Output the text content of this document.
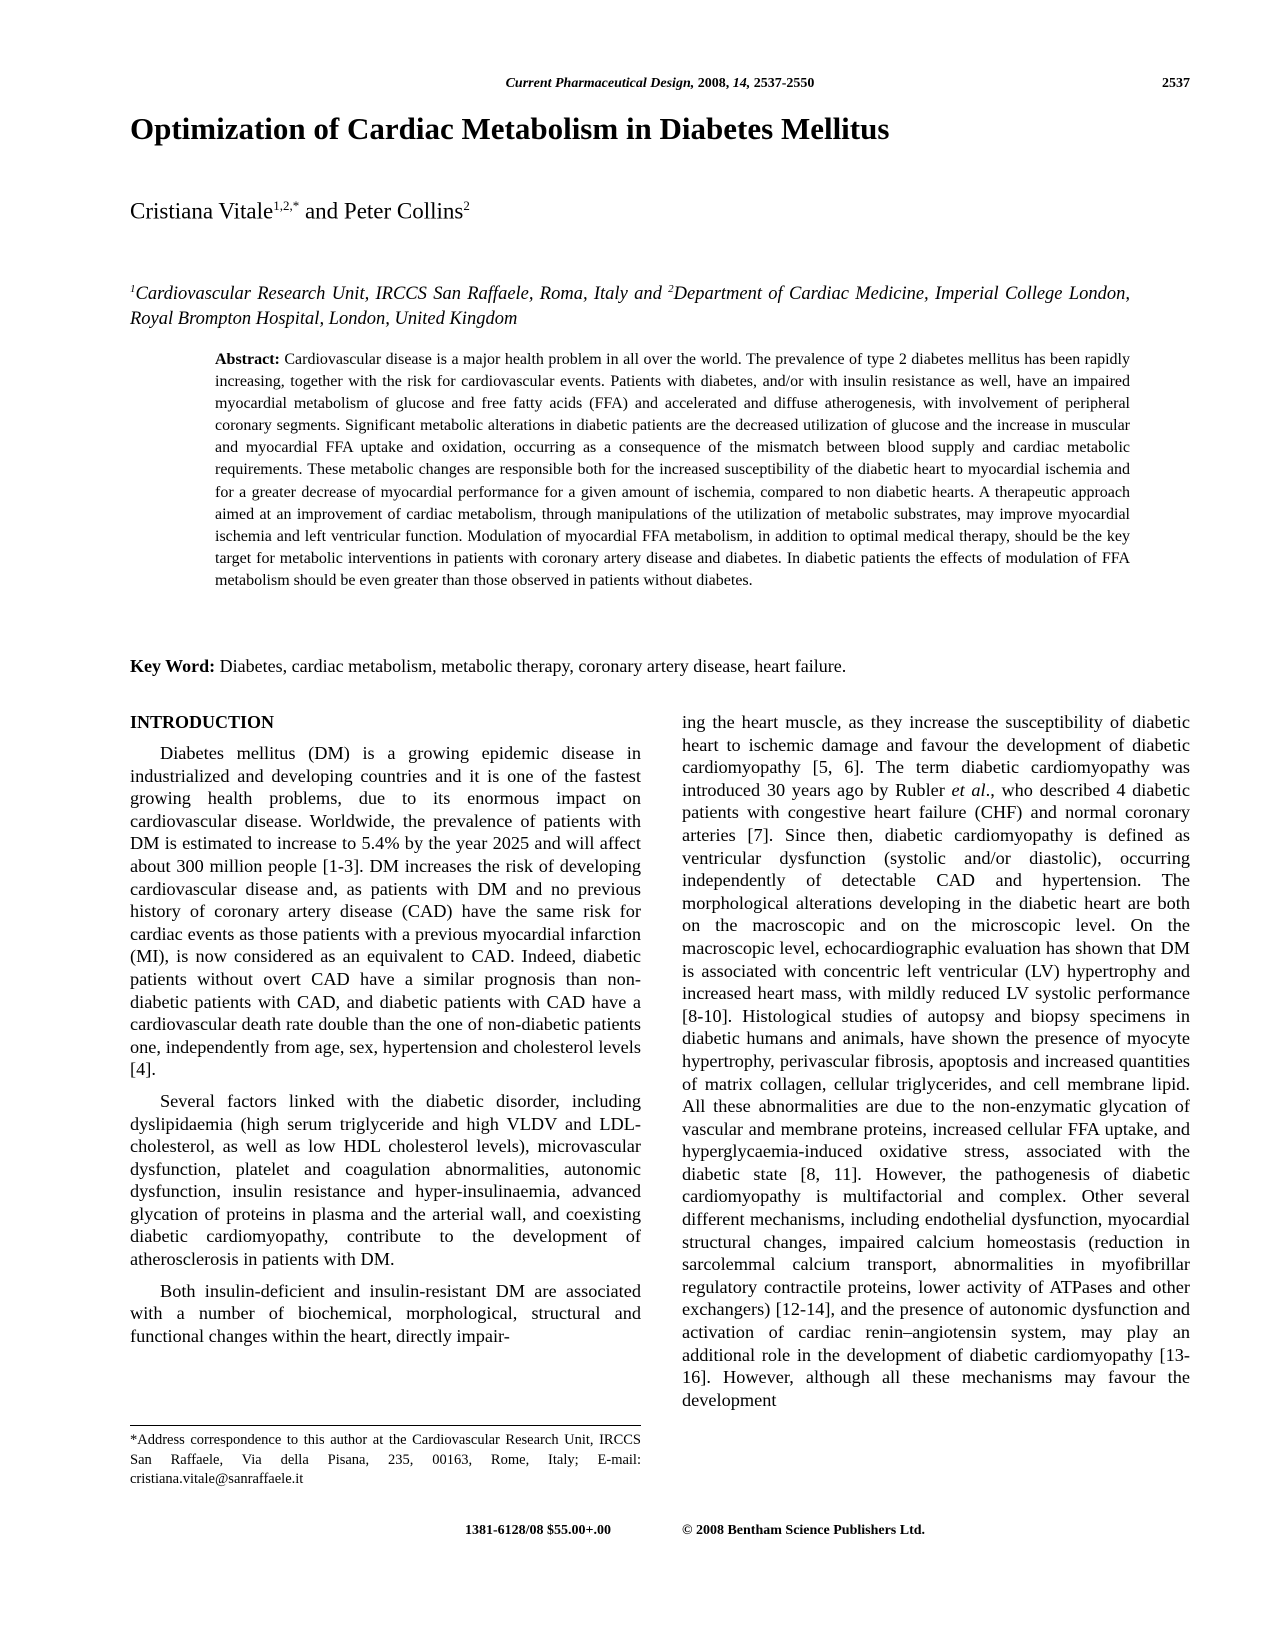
Current Pharmaceutical Design, 2008, 14, 2537-2550	2537
Optimization of Cardiac Metabolism in Diabetes Mellitus
Cristiana Vitale$^{1,2,*}$ and Peter Collins$^2$
$^1$Cardiovascular Research Unit, IRCCS San Raffaele, Roma, Italy and $^2$Department of Cardiac Medicine, Imperial College London, Royal Brompton Hospital, London, United Kingdom
Abstract: Cardiovascular disease is a major health problem in all over the world. The prevalence of type 2 diabetes mellitus has been rapidly increasing, together with the risk for cardiovascular events. Patients with diabetes, and/or with insulin resistance as well, have an impaired myocardial metabolism of glucose and free fatty acids (FFA) and accelerated and diffuse atherogenesis, with involvement of peripheral coronary segments. Significant metabolic alterations in diabetic patients are the decreased utilization of glucose and the increase in muscular and myocardial FFA uptake and oxidation, occurring as a consequence of the mismatch between blood supply and cardiac metabolic requirements. These metabolic changes are responsible both for the increased susceptibility of the diabetic heart to myocardial ischemia and for a greater decrease of myocardial performance for a given amount of ischemia, compared to non diabetic hearts. A therapeutic approach aimed at an improvement of cardiac metabolism, through manipulations of the utilization of metabolic substrates, may improve myocardial ischemia and left ventricular function. Modulation of myocardial FFA metabolism, in addition to optimal medical therapy, should be the key target for metabolic interventions in patients with coronary artery disease and diabetes. In diabetic patients the effects of modulation of FFA metabolism should be even greater than those observed in patients without diabetes.
Key Word: Diabetes, cardiac metabolism, metabolic therapy, coronary artery disease, heart failure.
INTRODUCTION

Diabetes mellitus (DM) is a growing epidemic disease in industrialized and developing countries and it is one of the fastest growing health problems, due to its enormous impact on cardiovascular disease. Worldwide, the prevalence of patients with DM is estimated to increase to 5.4% by the year 2025 and will affect about 300 million people [1-3]. DM increases the risk of developing cardiovascular disease and, as patients with DM and no previous history of coronary artery disease (CAD) have the same risk for cardiac events as those patients with a previous myocardial infarction (MI), is now considered as an equivalent to CAD. Indeed, diabetic patients without overt CAD have a similar prognosis than non-diabetic patients with CAD, and diabetic patients with CAD have a cardiovascular death rate double than the one of non-diabetic patients one, independently from age, sex, hypertension and cholesterol levels [4].

Several factors linked with the diabetic disorder, including dyslipidaemia (high serum triglyceride and high VLDV and LDL-cholesterol, as well as low HDL cholesterol levels), microvascular dysfunction, platelet and coagulation abnormalities, autonomic dysfunction, insulin resistance and hyper-insulinaemia, advanced glycation of proteins in plasma and the arterial wall, and coexisting diabetic cardiomyopathy, contribute to the development of atherosclerosis in patients with DM.

Both insulin-deficient and insulin-resistant DM are associated with a number of biochemical, morphological, structural and functional changes within the heart, directly impair-

ing the heart muscle, as they increase the susceptibility of diabetic heart to ischemic damage and favour the development of diabetic cardiomyopathy [5, 6]. The term diabetic cardiomyopathy was introduced 30 years ago by Rubler et al., who described 4 diabetic patients with congestive heart failure (CHF) and normal coronary arteries [7]. Since then, diabetic cardiomyopathy is defined as ventricular dysfunction (systolic and/or diastolic), occurring independently of detectable CAD and hypertension. The morphological alterations developing in the diabetic heart are both on the macroscopic and on the microscopic level. On the macroscopic level, echocardiographic evaluation has shown that DM is associated with concentric left ventricular (LV) hypertrophy and increased heart mass, with mildly reduced LV systolic performance [8-10]. Histological studies of autopsy and biopsy specimens in diabetic humans and animals, have shown the presence of myocyte hypertrophy, perivascular fibrosis, apoptosis and increased quantities of matrix collagen, cellular triglycerides, and cell membrane lipid. All these abnormalities are due to the non-enzymatic glycation of vascular and membrane proteins, increased cellular FFA uptake, and hyperglycaemia-induced oxidative stress, associated with the diabetic state [8, 11]. However, the pathogenesis of diabetic cardiomyopathy is multifactorial and complex. Other several different mechanisms, including endothelial dysfunction, myocardial structural changes, impaired calcium homeostasis (reduction in sarcolemmal calcium transport, abnormalities in myofibrillar regulatory contractile proteins, lower activity of ATPases and other exchangers) [12-14], and the presence of autonomic dysfunction and activation of cardiac renin–angiotensin system, may play an additional role in the development of diabetic cardiomyopathy [13-16]. However, although all these mechanisms may favour the development

*Address correspondence to this author at the Cardiovascular Research Unit, IRCCS San Raffaele, Via della Pisana, 235, 00163, Rome, Italy; E-mail: cristiana.vitale@sanraffaele.it
1381-6128/08 $55.00+.00	© 2008 Bentham Science Publishers Ltd.
